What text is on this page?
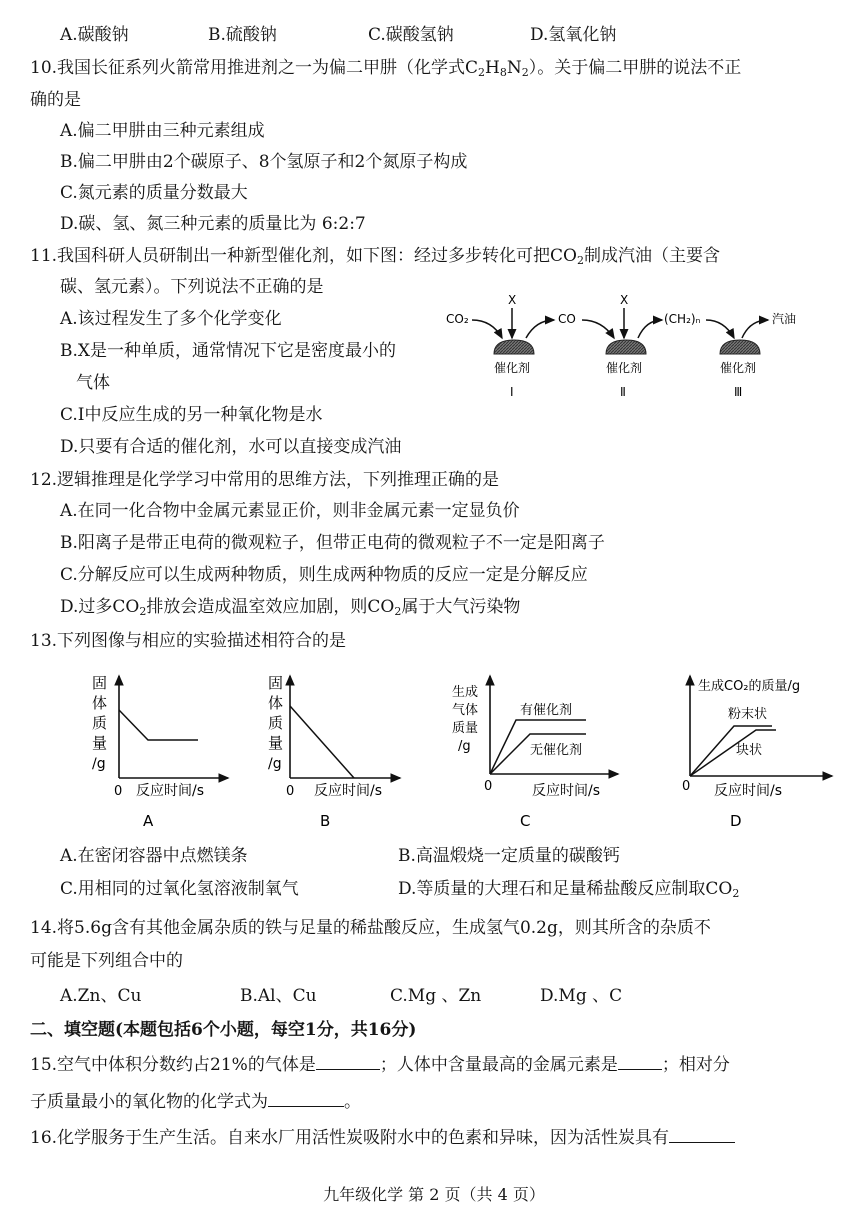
A.碳酸钠	B.硫酸钠	C.碳酸氢钠	D.氢氧化钠
10.我国长征系列火箭常用推进剂之一为偏二甲肼（化学式$C_2H_8N_2$）。关于偏二甲肼的说法不正
确的是
A.偏二甲肼由三种元素组成
B.偏二甲肼由2个碳原子、8个氢原子和2个氮原子构成
C.氮元素的质量分数最大
D.碳、氢、氮三种元素的质量比为 6:2:7
11.我国科研人员研制出一种新型催化剂，如下图：经过多步转化可把$CO_2$制成汽油（主要含
碳、氢元素）。下列说法不正确的是
A.该过程发生了多个化学变化
B.X是一种单质，通常情况下它是密度最小的
气体
C.Ⅰ中反应生成的另一种氧化物是水
D.只要有合适的催化剂，水可以直接变成汽油
CO₂	CO	(CH₂)ₙ	汽油
X	X
催化剂	催化剂	催化剂
Ⅰ	Ⅱ	Ⅲ
12.逻辑推理是化学学习中常用的思维方法，下列推理正确的是
A.在同一化合物中金属元素显正价，则非金属元素一定显负价
B.阳离子是带正电荷的微观粒子，但带正电荷的微观粒子不一定是阳离子
C.分解反应可以生成两种物质，则生成两种物质的反应一定是分解反应
D.过多$CO_2$排放会造成温室效应加剧，则$CO_2$属于大气污染物
13.下列图像与相应的实验描述相符合的是
固
体
质
量
/g
0 反应时间/s
A
固
体
质
量
/g
0 反应时间/s
B
生成
气体
质量
/g
有催化剂
无催化剂
0	反应时间/s
C
生成CO₂的质量/g
粉末状
块状
0 反应时间/s
D
A.在密闭容器中点燃镁条	B.高温煅烧一定质量的碳酸钙
C.用相同的过氧化氢溶液制氧气	D.等质量的大理石和足量稀盐酸反应制取$CO_2$
14.将5.6g含有其他金属杂质的铁与足量的稀盐酸反应，生成氢气0.2g，则其所含的杂质不
可能是下列组合中的
A.Zn、Cu	B.Al、Cu	C.Mg 、Zn	D.Mg 、C
二、填空题(本题包括6个小题，每空1分，共16分)
15.空气中体积分数约占21%的气体是	；人体中含量最高的金属元素是	；相对分
子质量最小的氧化物的化学式为	。
16.化学服务于生产生活。自来水厂用活性炭吸附水中的色素和异味，因为活性炭具有
九年级化学 第 2 页（共 4 页）
